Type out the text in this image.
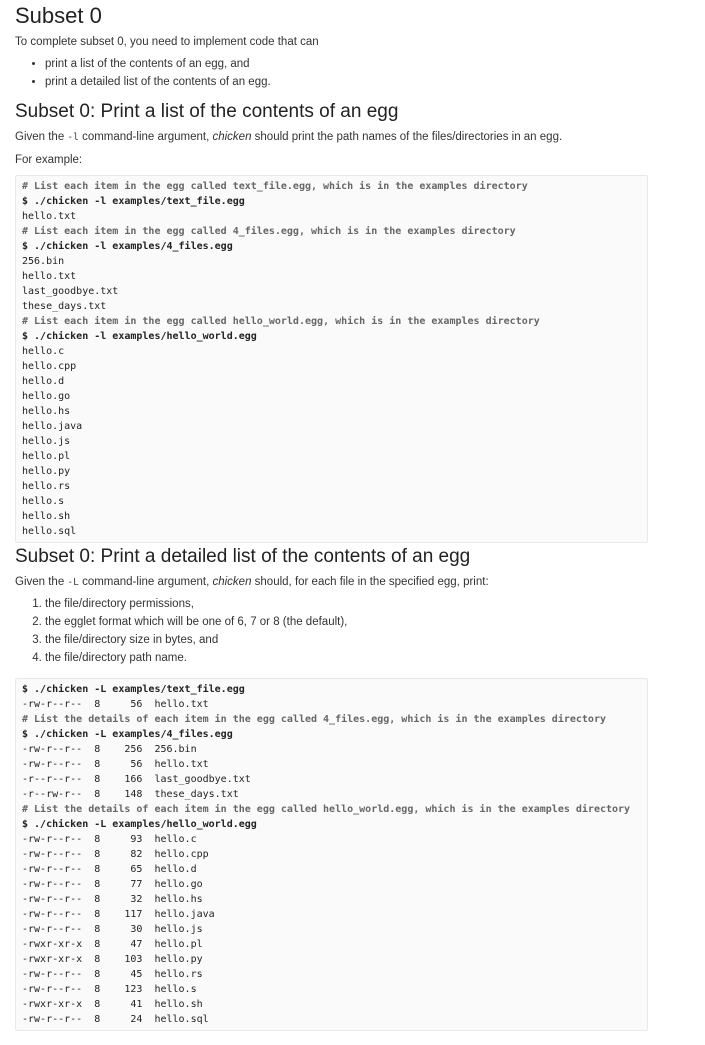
Subset 0

To complete subset 0, you need to implement code that can

• print a list of the contents of an egg, and
• print a detailed list of the contents of an egg.
Subset 0: Print a list of the contents of an egg

Given the -l command-line argument, chicken should print the path names of the files/directories in an egg.

For example:

# List each item in the egg called text_file.egg, which is in the examples directory
$ ./chicken -l examples/text_file.egg
hello.txt
# List each item in the egg called 4_files.egg, which is in the examples directory
$ ./chicken -l examples/4_files.egg
256.bin
hello.txt
last_goodbye.txt
these_days.txt
# List each item in the egg called hello_world.egg, which is in the examples directory
$ ./chicken -l examples/hello_world.egg
hello.c
hello.cpp
hello.d
hello.go
hello.hs
hello.java
hello.js
hello.pl
hello.py
hello.rs
hello.s
hello.sh
hello.sql
Subset 0: Print a detailed list of the contents of an egg

Given the -L command-line argument, chicken should, for each file in the specified egg, print:

1. the file/directory permissions,
2. the egglet format which will be one of 6, 7 or 8 (the default),
3. the file/directory size in bytes, and
4. the file/directory path name.
$ ./chicken -L examples/text_file.egg
-rw-r--r--  8     56  hello.txt
# List the details of each item in the egg called 4_files.egg, which is in the examples directory
$ ./chicken -L examples/4_files.egg
-rw-r--r--  8    256  256.bin
-rw-r--r--  8     56  hello.txt
-r--r--r--  8    166  last_goodbye.txt
-r--rw-r--  8    148  these_days.txt
# List the details of each item in the egg called hello_world.egg, which is in the examples directory
$ ./chicken -L examples/hello_world.egg
-rw-r--r--  8     93  hello.c
-rw-r--r--  8     82  hello.cpp
-rw-r--r--  8     65  hello.d
-rw-r--r--  8     77  hello.go
-rw-r--r--  8     32  hello.hs
-rw-r--r--  8    117  hello.java
-rw-r--r--  8     30  hello.js
-rwxr-xr-x  8     47  hello.pl
-rwxr-xr-x  8    103  hello.py
-rw-r--r--  8     45  hello.rs
-rw-r--r--  8    123  hello.s
-rwxr-xr-x  8     41  hello.sh
-rw-r--r--  8     24  hello.sql
